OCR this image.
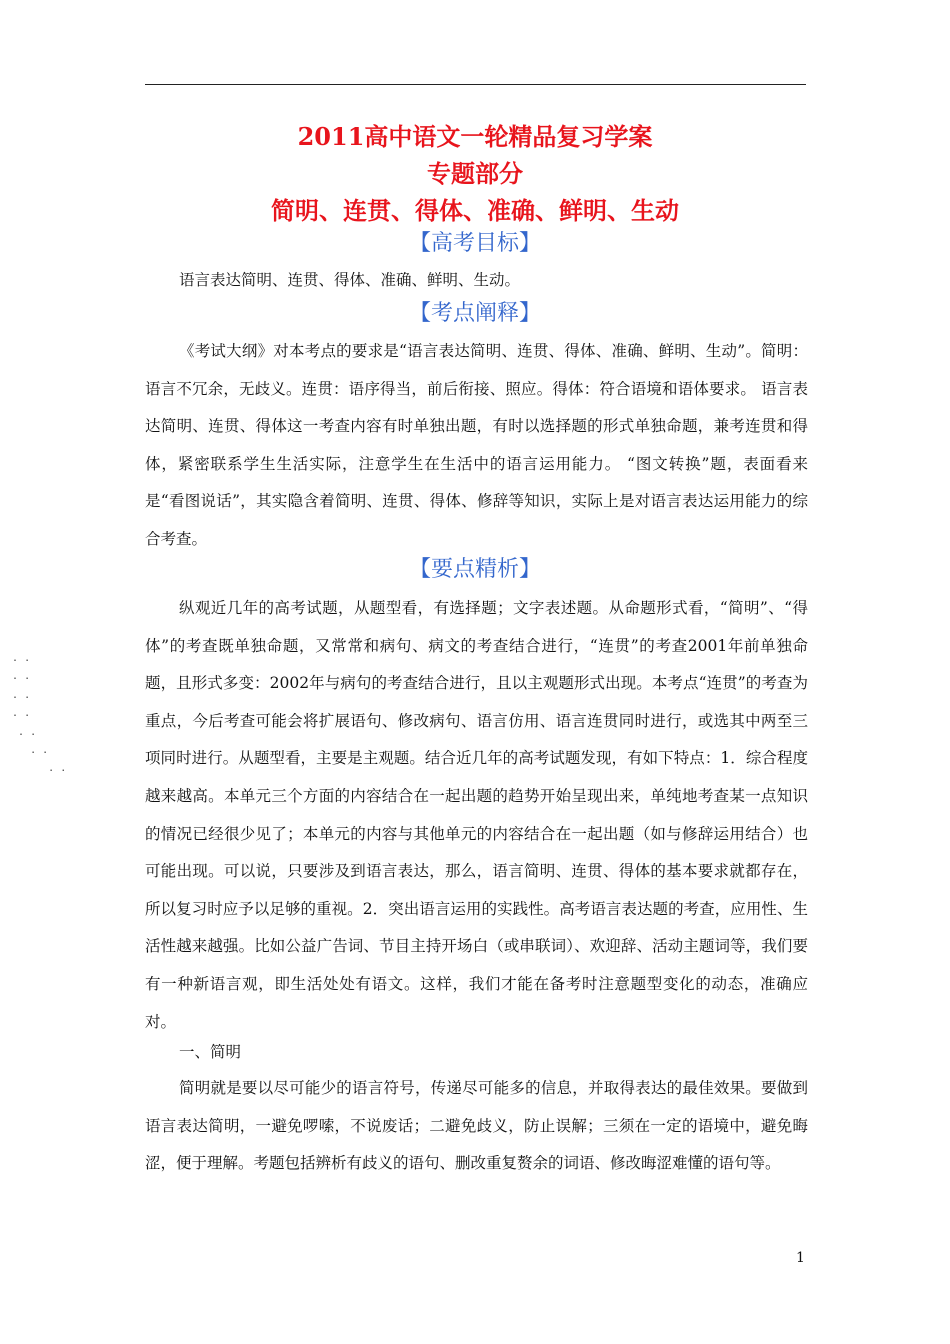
2011高中语文一轮精品复习学案
专题部分
简明、连贯、得体、准确、鲜明、生动
【高考目标】

语言表达简明、连贯、得体、准确、鲜明、生动。

【考点阐释】

《考试大纲》对本考点的要求是“语言表达简明、连贯、得体、准确、鲜明、生动”。简明：语言不冗余，无歧义。连贯：语序得当，前后衔接、照应。得体：符合语境和语体要求。 语言表达简明、连贯、得体这一考查内容有时单独出题，有时以选择题的形式单独命题，兼考连贯和得体，紧密联系学生生活实际，注意学生在生活中的语言运用能力。 “图文转换”题，表面看来是“看图说话”，其实隐含着简明、连贯、得体、修辞等知识，实际上是对语言表达运用能力的综合考查。

【要点精析】

纵观近几年的高考试题，从题型看，有选择题；文字表述题。从命题形式看，“简明”、“得体”的考查既单独命题，又常常和病句、病文的考查结合进行，“连贯”的考查2001年前单独命题，且形式多变：2002年与病句的考查结合进行，且以主观题形式出现。本考点“连贯”的考查为重点，今后考查可能会将扩展语句、修改病句、语言仿用、语言连贯同时进行，或选其中两至三项同时进行。从题型看，主要是主观题。结合近几年的高考试题发现，有如下特点：1．综合程度越来越高。本单元三个方面的内容结合在一起出题的趋势开始呈现出来，单纯地考查某一点知识的情况已经很少见了；本单元的内容与其他单元的内容结合在一起出题（如与修辞运用结合）也可能出现。可以说，只要涉及到语言表达，那么，语言简明、连贯、得体的基本要求就都存在，所以复习时应予以足够的重视。2．突出语言运用的实践性。高考语言表达题的考查，应用性、生活性越来越强。比如公益广告词、节目主持开场白（或串联词）、欢迎辞、活动主题词等，我们要有一种新语言观，即生活处处有语文。这样，我们才能在备考时注意题型变化的动态，准确应对。

一、简明

简明就是要以尽可能少的语言符号，传递尽可能多的信息，并取得表达的最佳效果。要做到语言表达简明，一避免啰嗦，不说废话；二避免歧义，防止误解；三须在一定的语境中，避免晦涩，便于理解。考题包括辨析有歧义的语句、删改重复赘余的词语、修改晦涩难懂的语句等。

. .
. .
. .
. .
. .
. .
. .
1
